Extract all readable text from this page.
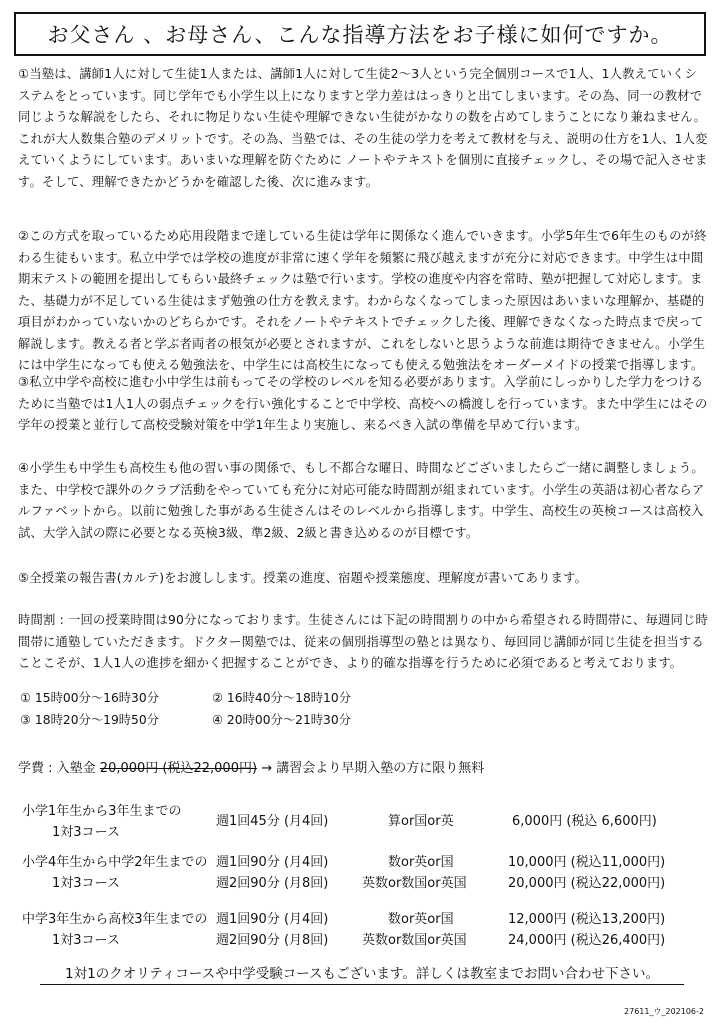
お父さん 、お母さん、こんな指導方法をお子様に如何ですか。
①当塾は、講師1人に対して生徒1人または、講師1人に対して生徒2～3人という完全個別コースで1人、1人教えていくシステムをとっています。同じ学年でも小学生以上になりますと学力差ははっきりと出てしまいます。その為、同一の教材で同じような解説をしたら、それに物足りない生徒や理解できない生徒がかなりの数を占めてしまうことになり兼ねません。これが大人数集合塾のデメリットです。その為、当塾では、その生徒の学力を考えて教材を与え、説明の仕方を1人、1人変えていくようにしています。あいまいな理解を防ぐために ノートやテキストを個別に直接チェックし、その場で記入させます。そして、理解できたかどうかを確認した後、次に進みます。
②この方式を取っているため応用段階まで達している生徒は学年に関係なく進んでいきます。小学5年生で6年生のものが終わる生徒もいます。私立中学では学校の進度が非常に速く学年を頻繁に飛び越えますが充分に対応できます。中学生は中間期末テストの範囲を提出してもらい最終チェックは塾で行います。学校の進度や内容を常時、塾が把握して対応します。また、基礎力が不足している生徒はまず勉強の仕方を教えます。わからなくなってしまった原因はあいまいな理解か、基礎的項目がわかっていないかのどちらかです。それをノートやテキストでチェックした後、理解できなくなった時点まで戻って解説します。教える者と学ぶ者両者の根気が必要とされますが、これをしないと思うような前進は期待できません。小学生には中学生になっても使える勉強法を、中学生には高校生になっても使える勉強法をオーダーメイドの授業で指導します。
③私立中学や高校に進む小中学生は前もってその学校のレベルを知る必要があります。入学前にしっかりした学力をつけるために当塾では1人1人の弱点チェックを行い強化することで中学校、高校への橋渡しを行っています。また中学生にはその学年の授業と並行して高校受験対策を中学1年生より実施し、来るべき入試の準備を早めて行います。
④小学生も中学生も高校生も他の習い事の関係で、もし不都合な曜日、時間などございましたらご一緒に調整しましょう。また、中学校で課外のクラブ活動をやっていても充分に対応可能な時間割が組まれています。小学生の英語は初心者ならアルファベットから。以前に勉強した事がある生徒さんはそのレベルから指導します。中学生、高校生の英検コースは高校入試、大学入試の際に必要となる英検3級、準2級、2級と書き込めるのが目標です。
⑤全授業の報告書(カルテ)をお渡しします。授業の進度、宿題や授業態度、理解度が書いてあります。
時間割 : 一回の授業時間は90分になっております。生徒さんには下記の時間割りの中から希望される時間帯に、毎週同じ時間帯に通塾していただきます。ドクター関塾では、従来の個別指導型の塾とは異なり、毎回同じ講師が同じ生徒を担当することこそが、1人1人の進捗を細かく把握することができ、より的確な指導を行うために必須であると考えております。
① 15時00分～16時30分	② 16時40分～18時10分
③ 18時20分～19時50分	④ 20時00分～21時30分
学費 : 入塾金 20,000円 (税込22,000円) → 講習会より早期入塾の方に限り無料
小学1年生から3年生までの
1対3コース
週1回45分 (月4回)	算or国or英	6,000円 (税込 6,600円)
小学4年生から中学2年生までの
1対3コース
週1回90分 (月4回)	数or英or国	10,000円 (税込11,000円)
週2回90分 (月8回)	英数or数国or英国	20,000円 (税込22,000円)
中学3年生から高校3年生までの
1対3コース
週1回90分 (月4回)	数or英or国	12,000円 (税込13,200円)
週2回90分 (月8回)	英数or数国or英国	24,000円 (税込26,400円)
1対1のクオリティコースや中学受験コースもございます。詳しくは教室までお問い合わせ下さい。
27611_ウ_202106-2
